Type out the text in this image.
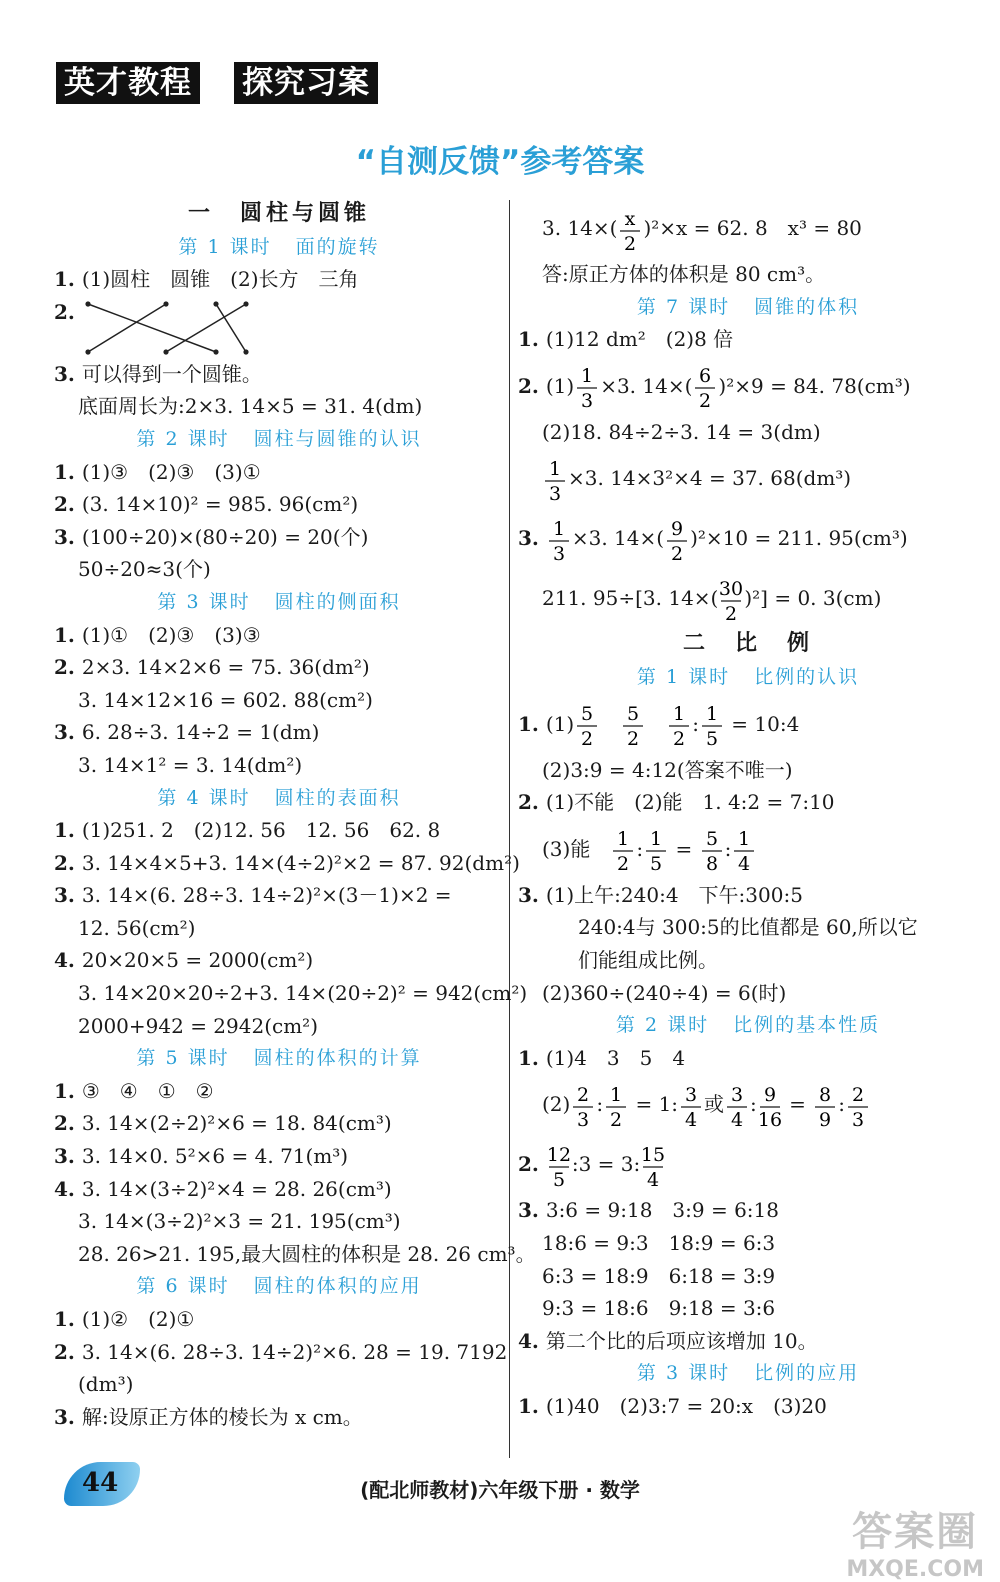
英才教程 探究习案
“自测反馈”参考答案
一　圆柱与圆锥
第 1 课时 面的旋转
1. (1)圆柱　圆锥　(2)长方　三角
2.
3. 可以得到一个圆锥。
底面周长为:2×3. 14×5 = 31. 4(dm)
第 2 课时 圆柱与圆锥的认识
1. (1)③　(2)③　(3)①
2. (3. 14×10)² = 985. 96(cm²)
3. (100÷20)×(80÷20) = 20(个)
50÷20≈3(个)
第 3 课时 圆柱的侧面积
1. (1)①　(2)③　(3)③
2. 2×3. 14×2×6 = 75. 36(dm²)
3. 14×12×16 = 602. 88(cm²)
3. 6. 28÷3. 14÷2 = 1(dm)
3. 14×1² = 3. 14(dm²)
第 4 课时 圆柱的表面积
1. (1)251. 2　(2)12. 56　12. 56　62. 8
2. 3. 14×4×5+3. 14×(4÷2)²×2 = 87. 92(dm²)
3. 3. 14×(6. 28÷3. 14÷2)²×(3－1)×2 =
12. 56(cm²)
4. 20×20×5 = 2000(cm²)
3. 14×20×20÷2+3. 14×(20÷2)² = 942(cm²)
2000+942 = 2942(cm²)
第 5 课时 圆柱的体积的计算
1. ③　④　①　②
2. 3. 14×(2÷2)²×6 = 18. 84(cm³)
3. 3. 14×0. 5²×6 = 4. 71(m³)
4. 3. 14×(3÷2)²×4 = 28. 26(cm³)
3. 14×(3÷2)²×3 = 21. 195(cm³)
28. 26>21. 195,最大圆柱的体积是 28. 26 cm³。
第 6 课时 圆柱的体积的应用
1. (1)②　(2)①
2. 3. 14×(6. 28÷3. 14÷2)²×6. 28 = 19. 7192
(dm³)
3. 解:设原正方体的棱长为 x cm。
3. 14×( x
2
)²×x = 62. 8　x³ = 80
答:原正方体的体积是 80 cm³。
第 7 课时 圆锥的体积
1. (1)12 dm²　(2)8 倍
2. (1) 1
3
×3. 14×( 6
2
)²×9 = 84. 78(cm³)
(2)18. 84÷2÷3. 14 = 3(dm)
1
3
×3. 14×3²×4 = 37. 68(dm³)
3. 1
3
×3. 14×( 9
2
)²×10 = 211. 95(cm³)
211. 95÷[3. 14×( 30
2
)²] = 0. 3(cm)
二　比　例
第 1 课时 比例的认识
1. (1) 5
2

5
2

1
2
: 1
5
= 10:4
(2)3:9 = 4:12(答案不唯一)
2. (1)不能　(2)能　1. 4:2 = 7:10
(3)能　 1
2
: 1
5
= 5
8
: 1
4
3. (1)上午:240:4　下午:300:5
240:4与 300:5的比值都是 60,所以它
们能组成比例。
(2)360÷(240÷4) = 6(时)
第 2 课时 比例的基本性质
1. (1)4　3　5　4
(2) 2
3
: 1
2
= 1: 3
4
或 3
4
: 9
16
= 8
9
: 2
3
2. 12
5
:3 = 3: 15
4
3. 3:6 = 9:18　3:9 = 6:18
18:6 = 9:3　18:9 = 6:3
6:3 = 18:9　6:18 = 3:9
9:3 = 18:6　9:18 = 3:6
4. 第二个比的后项应该增加 10。
第 3 课时 比例的应用
1. (1)40　(2)3:7 = 20:x　(3)20
44	(配北师教材)六年级下册 · 数学
答案圈
MXQE.COM
